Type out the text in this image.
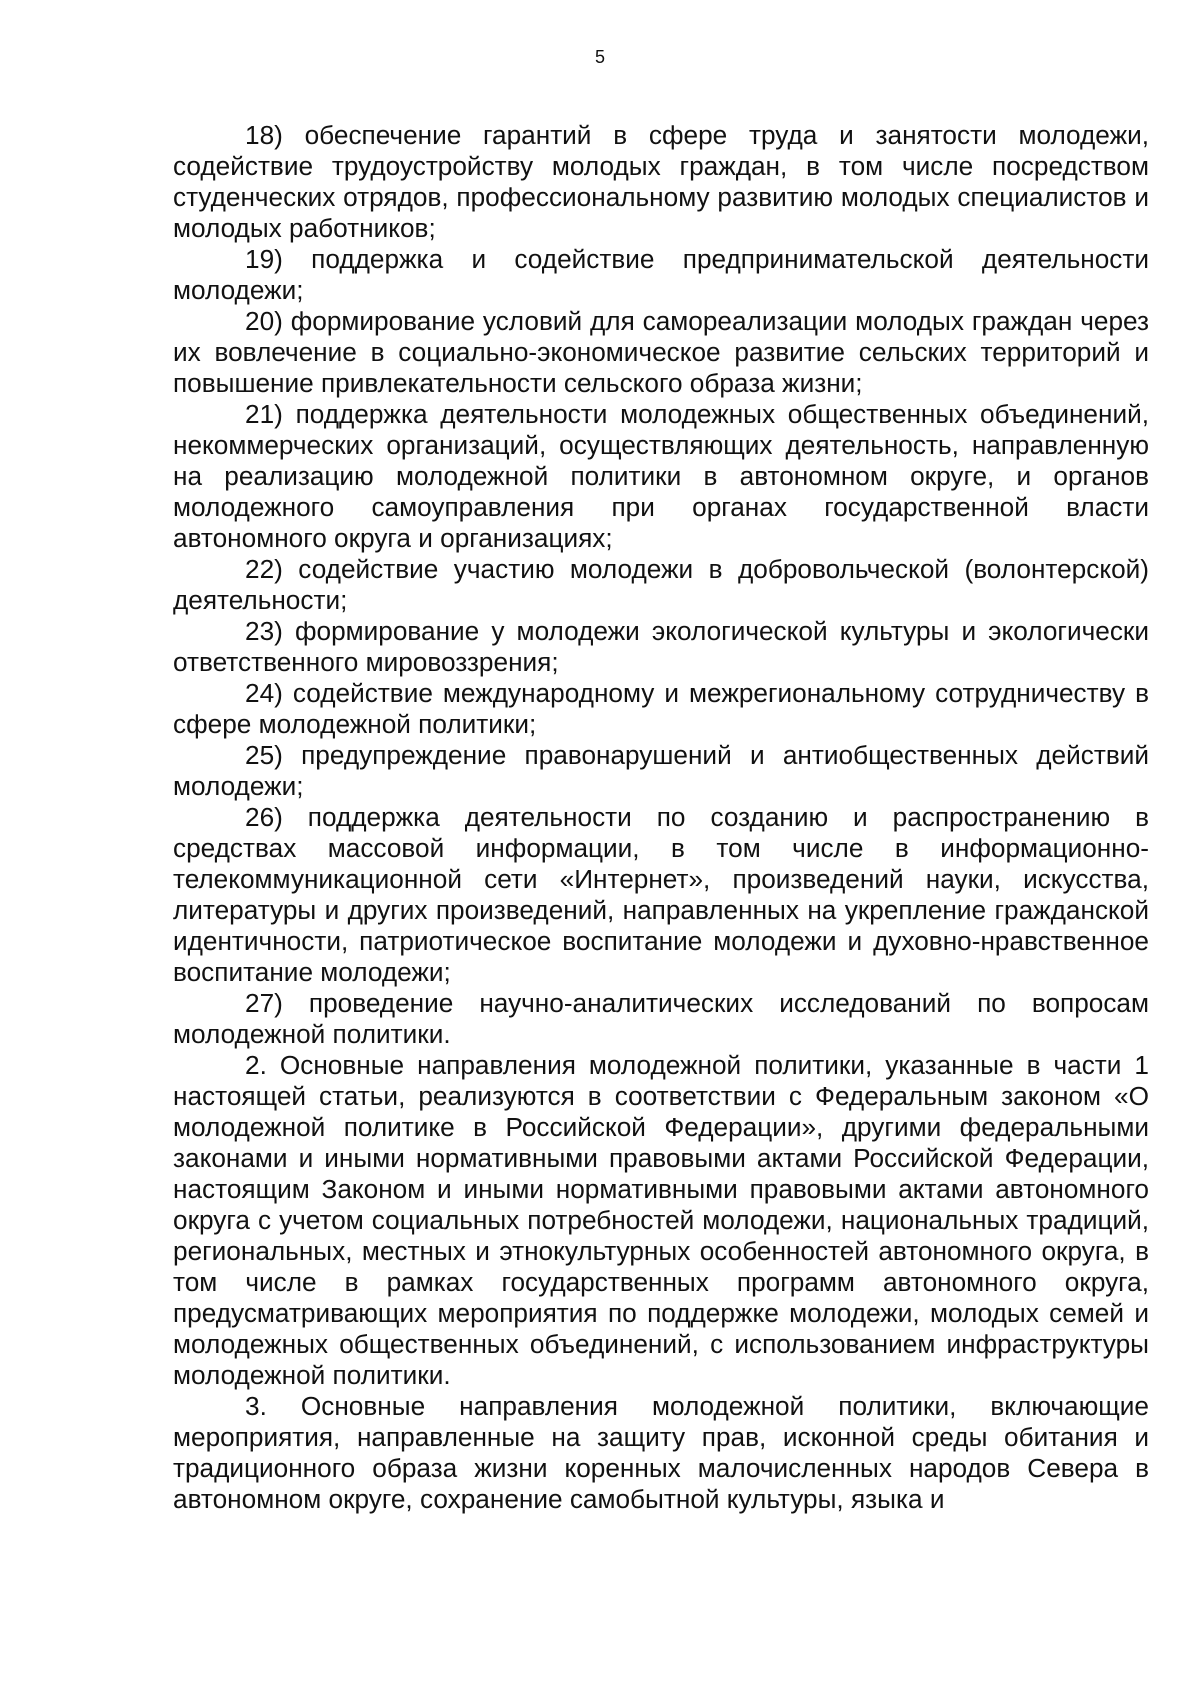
5

18) обеспечение гарантий в сфере труда и занятости молодежи, содействие трудоустройству молодых граждан, в том числе посредством студенческих отрядов, профессиональному развитию молодых специалистов и молодых работников;

19) поддержка и содействие предпринимательской деятельности молодежи;

20) формирование условий для самореализации молодых граждан через их вовлечение в социально-экономическое развитие сельских территорий и повышение привлекательности сельского образа жизни;

21) поддержка деятельности молодежных общественных объединений, некоммерческих организаций, осуществляющих деятельность, направленную на реализацию молодежной политики в автономном округе, и органов молодежного самоуправления при органах государственной власти автономного округа и организациях;

22) содействие участию молодежи в добровольческой (волонтерской) деятельности;

23) формирование у молодежи экологической культуры и экологически ответственного мировоззрения;

24) содействие международному и межрегиональному сотрудничеству в сфере молодежной политики;

25) предупреждение правонарушений и антиобщественных действий молодежи;

26) поддержка деятельности по созданию и распространению в средствах массовой информации, в том числе в информационно-телекоммуникационной сети «Интернет», произведений науки, искусства, литературы и других произведений, направленных на укрепление гражданской идентичности, патриотическое воспитание молодежи и духовно-нравственное воспитание молодежи;

27) проведение научно-аналитических исследований по вопросам молодежной политики.

2. Основные направления молодежной политики, указанные в части 1 настоящей статьи, реализуются в соответствии с Федеральным законом «О молодежной политике в Российской Федерации», другими федеральными законами и иными нормативными правовыми актами Российской Федерации, настоящим Законом и иными нормативными правовыми актами автономного округа с учетом социальных потребностей молодежи, национальных традиций, региональных, местных и этнокультурных особенностей автономного округа, в том числе в рамках государственных программ автономного округа, предусматривающих мероприятия по поддержке молодежи, молодых семей и молодежных общественных объединений, с использованием инфраструктуры молодежной политики.

3. Основные направления молодежной политики, включающие мероприятия, направленные на защиту прав, исконной среды обитания и традиционного образа жизни коренных малочисленных народов Севера в автономном округе, сохранение самобытной культуры, языка и
